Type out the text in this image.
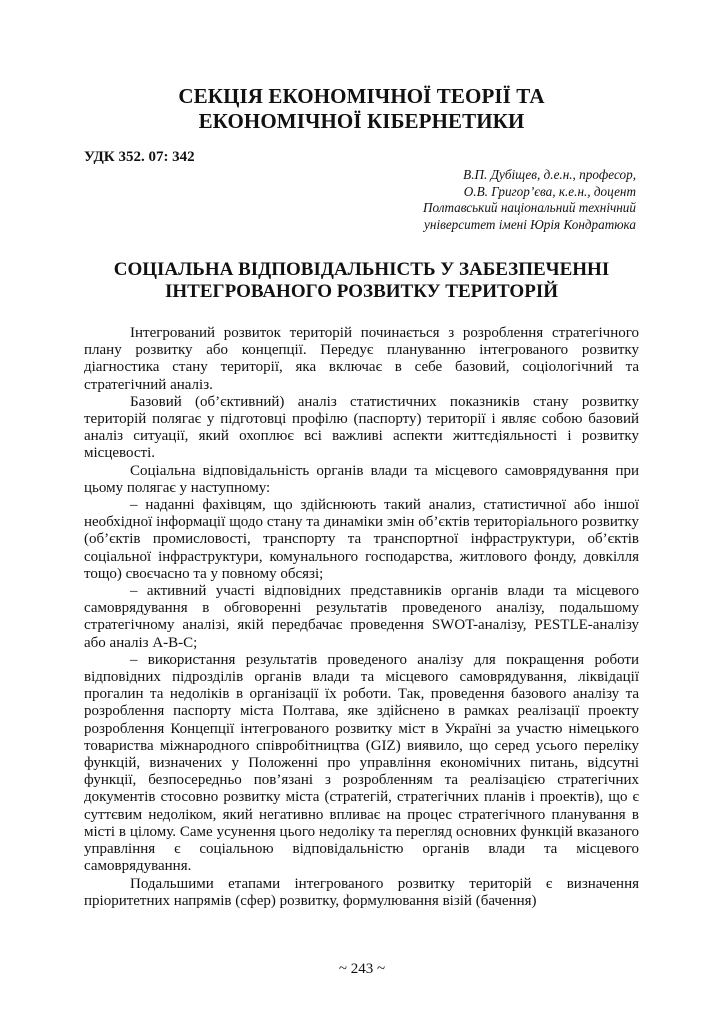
СЕКЦІЯ ЕКОНОМІЧНОЇ ТЕОРІЇ ТА
ЕКОНОМІЧНОЇ КІБЕРНЕТИКИ
УДК 352. 07: 342
В.П. Дубіщев, д.е.н., професор,
О.В. Григор’єва, к.е.н., доцент
Полтавський національний технічний
університет імені Юрія Кондратюка
СОЦІАЛЬНА ВІДПОВІДАЛЬНІСТЬ У ЗАБЕЗПЕЧЕННІ
ІНТЕГРОВАНОГО РОЗВИТКУ ТЕРИТОРІЙ

Інтегрований розвиток територій починається з розроблення стратегічного плану розвитку або концепції. Передує плануванню інтегрованого розвитку діагностика стану території, яка включає в себе базовий, соціологічний та стратегічний аналіз.

Базовий (об’єктивний) аналіз статистичних показників стану розвитку територій полягає у підготовці профілю (паспорту) території і являє собою базовий аналіз ситуації, який охоплює всі важливі аспекти життєдіяльності і розвитку місцевості.

Соціальна відповідальність органів влади та місцевого самоврядування при цьому полягає у наступному:

– наданні фахівцям, що здійснюють такий анализ, статистичної або іншої необхідної інформації щодо стану та динаміки змін об’єктів територіального розвитку (об’єктів промисловості, транспорту та транспортної інфраструктури, об’єктів соціальної інфраструктури, комунального господарства, житлового фонду, довкілля тощо) своєчасно та у повному обсязі;

– активний участі відповідних представників органів влади та місцевого самоврядування в обговоренні результатів проведеного аналізу, подальшому стратегічному аналізі, якій передбачає проведення SWOT-аналізу, PESTLE-аналізу або аналіз А-В-С;

– використання результатів проведеного аналізу для покращення роботи відповідних підрозділів органів влади та місцевого самоврядування, ліквідації прогалин та недоліків в організації їх роботи. Так, проведення базового аналізу та розроблення паспорту міста Полтава, яке здійснено в рамках реалізації проекту розроблення Концепції інтегрованого розвитку міст в Україні за участю німецького товариства міжнародного співробітництва (GIZ) виявило, що серед усього переліку функцій, визначених у Положенні про управління економічних питань, відсутні функції, безпосередньо пов’язані з розробленням та реалізацією стратегічних документів стосовно розвитку міста (стратегій, стратегічних планів і проектів), що є суттєвим недоліком, який негативно впливає на процес стратегічного планування в місті в цілому. Саме усунення цього недоліку та перегляд основних функцій вказаного управління є соціальною відповідальністю органів влади та місцевого самоврядування.

Подальшими етапами інтегрованого розвитку територій є визначення пріоритетних напрямів (сфер) розвитку, формулювання візій (бачення)

~ 243 ~
